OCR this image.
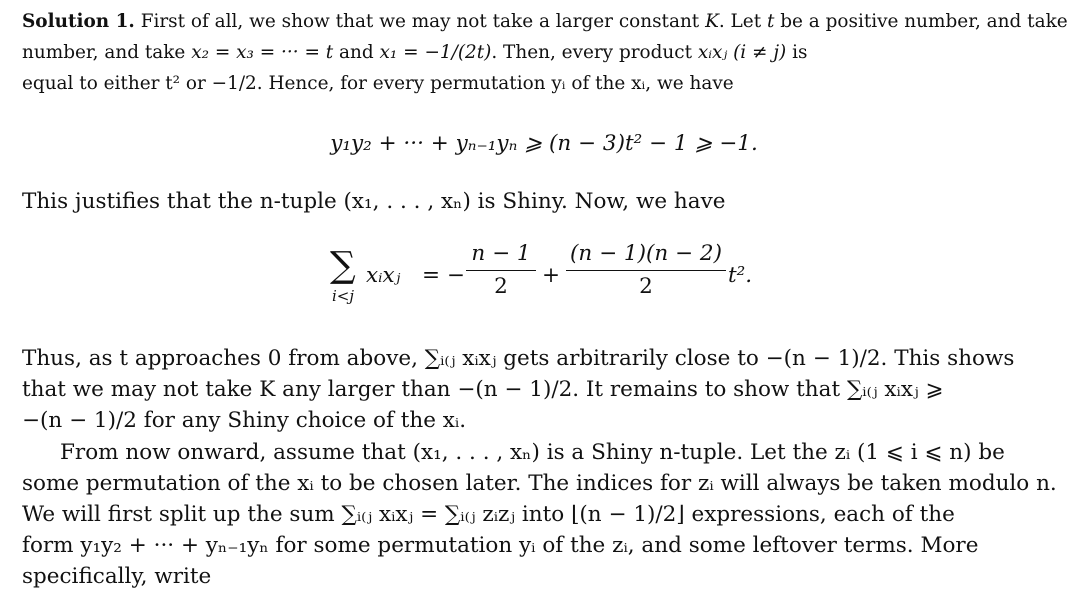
Solution 1. First of all, we show that we may not take a larger constant K. Let t be a positive number, and take
number, and take x₂ = x₃ = ··· = t and x₁ = −1/(2t). Then, every product xᵢxⱼ (i ≠ j) is
equal to either t² or −1/2. Hence, for every permutation yᵢ of the xᵢ, we have
y₁y₂ + ··· + yₙ₋₁yₙ ⩾ (n − 3)t² − 1 ⩾ −1.
This justifies that the n-tuple (x₁, . . . , xₙ) is Shiny. Now, we have
∑
i<j
xᵢxⱼ = −
n − 1
2	+
(n − 1)(n − 2)
2	t².
Thus, as t approaches 0 from above, ∑ᵢ₍ⱼ xᵢxⱼ gets arbitrarily close to −(n − 1)/2. This shows
that we may not take K any larger than −(n − 1)/2. It remains to show that ∑ᵢ₍ⱼ xᵢxⱼ ⩾
−(n − 1)/2 for any Shiny choice of the xᵢ.
From now onward, assume that (x₁, . . . , xₙ) is a Shiny n-tuple. Let the zᵢ (1 ⩽ i ⩽ n) be
some permutation of the xᵢ to be chosen later. The indices for zᵢ will always be taken modulo n.
We will first split up the sum ∑ᵢ₍ⱼ xᵢxⱼ = ∑ᵢ₍ⱼ zᵢzⱼ into ⌊(n − 1)/2⌋ expressions, each of the
form y₁y₂ + ··· + yₙ₋₁yₙ for some permutation yᵢ of the zᵢ, and some leftover terms. More
specifically, write
